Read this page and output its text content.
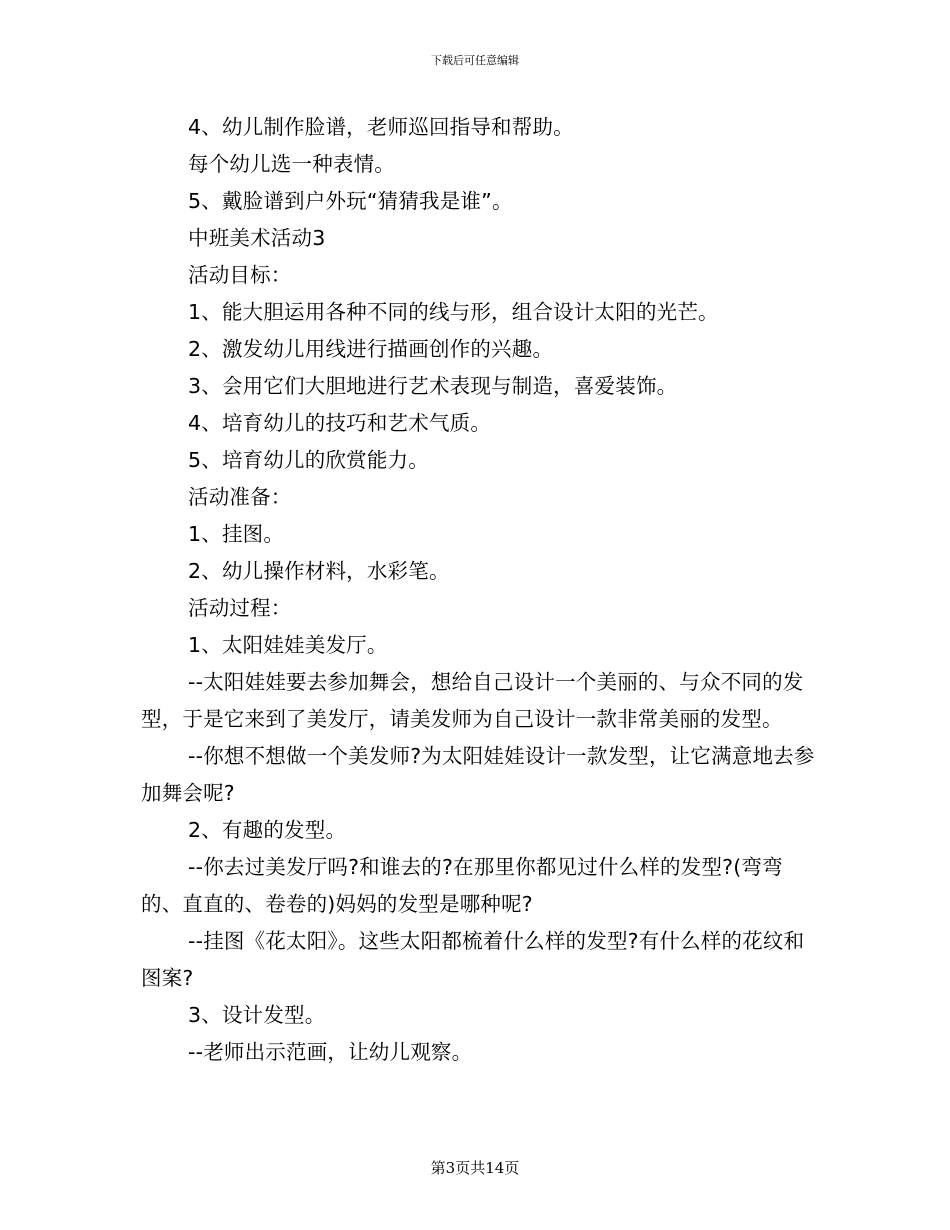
下载后可任意编辑

4、幼儿制作脸谱，老师巡回指导和帮助。

每个幼儿选一种表情。

5、戴脸谱到户外玩“猜猜我是谁”。

中班美术活动3

活动目标：

1、能大胆运用各种不同的线与形，组合设计太阳的光芒。

2、激发幼儿用线进行描画创作的兴趣。

3、会用它们大胆地进行艺术表现与制造，喜爱装饰。

4、培育幼儿的技巧和艺术气质。

5、培育幼儿的欣赏能力。

活动准备：

1、挂图。

2、幼儿操作材料，水彩笔。

活动过程：

1、太阳娃娃美发厅。

--太阳娃娃要去参加舞会，想给自己设计一个美丽的、与众不同的发型，于是它来到了美发厅，请美发师为自己设计一款非常美丽的发型。

--你想不想做一个美发师?为太阳娃娃设计一款发型，让它满意地去参加舞会呢?

2、有趣的发型。

--你去过美发厅吗?和谁去的?在那里你都见过什么样的发型?(弯弯的、直直的、卷卷的)妈妈的发型是哪种呢?

--挂图《花太阳》。这些太阳都梳着什么样的发型?有什么样的花纹和图案?

3、设计发型。

--老师出示范画，让幼儿观察。

第3页共14页
